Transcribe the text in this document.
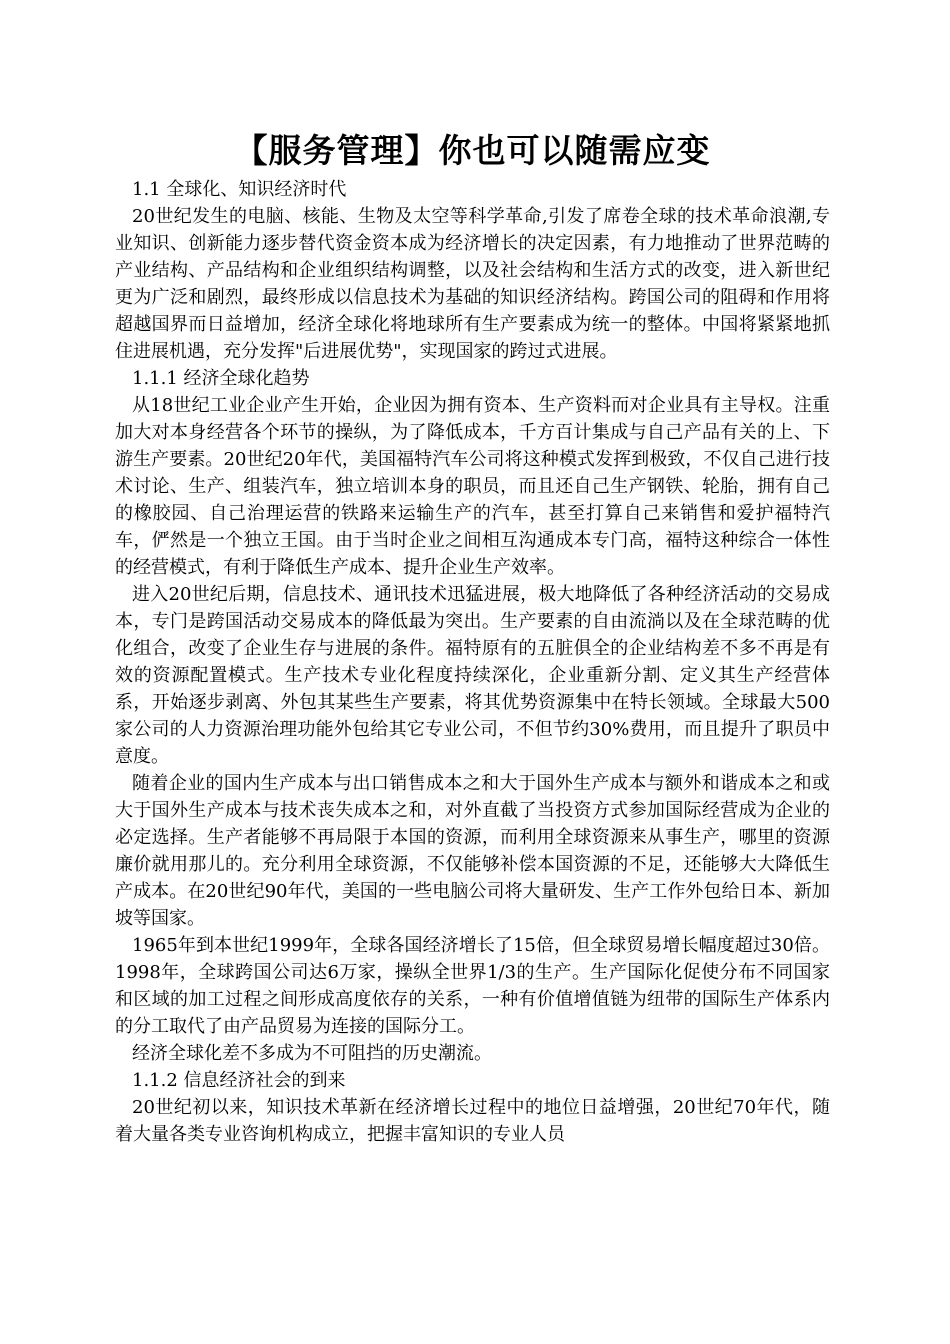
【服务管理】你也可以随需应变

1.1 全球化、知识经济时代

20世纪发生的电脑、核能、生物及太空等科学革命,引发了席卷全球的技术革命浪潮,专业知识、创新能力逐步替代资金资本成为经济增长的决定因素，有力地推动了世界范畴的产业结构、产品结构和企业组织结构调整，以及社会结构和生活方式的改变，进入新世纪更为广泛和剧烈，最终形成以信息技术为基础的知识经济结构。跨国公司的阻碍和作用将超越国界而日益增加，经济全球化将地球所有生产要素成为统一的整体。中国将紧紧地抓住进展机遇，充分发挥"后进展优势"，实现国家的跨过式进展。

1.1.1 经济全球化趋势

从18世纪工业企业产生开始，企业因为拥有资本、生产资料而对企业具有主导权。注重加大对本身经营各个环节的操纵，为了降低成本，千方百计集成与自己产品有关的上、下游生产要素。20世纪20年代，美国福特汽车公司将这种模式发挥到极致，不仅自己进行技术讨论、生产、组装汽车，独立培训本身的职员，而且还自己生产钢铁、轮胎，拥有自己的橡胶园、自己治理运营的铁路来运输生产的汽车，甚至打算自己来销售和爱护福特汽车，俨然是一个独立王国。由于当时企业之间相互沟通成本专门高，福特这种综合一体性的经营模式，有利于降低生产成本、提升企业生产效率。

进入20世纪后期，信息技术、通讯技术迅猛进展，极大地降低了各种经济活动的交易成本，专门是跨国活动交易成本的降低最为突出。生产要素的自由流淌以及在全球范畴的优化组合，改变了企业生存与进展的条件。福特原有的五脏俱全的企业结构差不多不再是有效的资源配置模式。生产技术专业化程度持续深化，企业重新分割、定义其生产经营体系，开始逐步剥离、外包其某些生产要素，将其优势资源集中在特长领域。全球最大500家公司的人力资源治理功能外包给其它专业公司，不但节约30%费用，而且提升了职员中意度。

随着企业的国内生产成本与出口销售成本之和大于国外生产成本与额外和谐成本之和或大于国外生产成本与技术丧失成本之和，对外直截了当投资方式参加国际经营成为企业的必定选择。生产者能够不再局限于本国的资源，而利用全球资源来从事生产，哪里的资源廉价就用那儿的。充分利用全球资源，不仅能够补偿本国资源的不足，还能够大大降低生产成本。在20世纪90年代，美国的一些电脑公司将大量研发、生产工作外包给日本、新加坡等国家。

1965年到本世纪1999年，全球各国经济增长了15倍，但全球贸易增长幅度超过30倍。1998年，全球跨国公司达6万家，操纵全世界1/3的生产。生产国际化促使分布不同国家和区域的加工过程之间形成高度依存的关系，一种有价值增值链为纽带的国际生产体系内的分工取代了由产品贸易为连接的国际分工。

经济全球化差不多成为不可阻挡的历史潮流。

1.1.2 信息经济社会的到来

20世纪初以来，知识技术革新在经济增长过程中的地位日益增强，20世纪70年代，随着大量各类专业咨询机构成立，把握丰富知识的专业人员
